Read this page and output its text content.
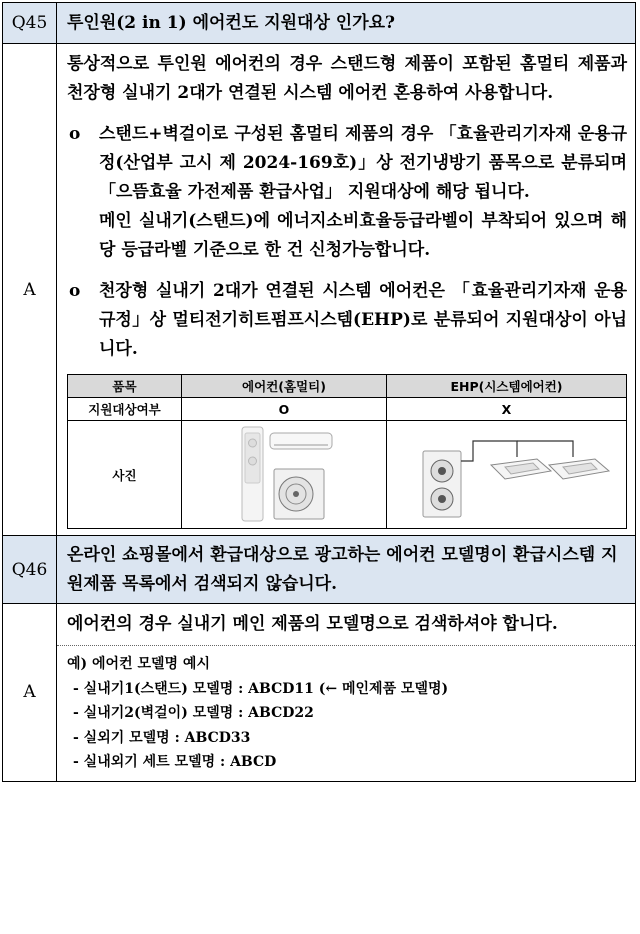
Q45	투인원(2 in 1) 에어컨도 지원대상 인가요?
A	
통상적으로 투인원 에어컨의 경우 스탠드형 제품이 포함된 홈멀티 제품과 천장형 실내기 2대가 연결된 시스템 에어컨 혼용하여 사용합니다.
o	스탠드+벽걸이로 구성된 홈멀티 제품의 경우 「효율관리기자재 운용규정(산업부 고시 제 2024-169호)」상 전기냉방기 품목으로 분류되며 「으뜸효율 가전제품 환급사업」 지원대상에 해당 됩니다.
메인 실내기(스탠드)에 에너지소비효율등급라벨이 부착되어 있으며 해당 등급라벨 기준으로 한 건 신청가능합니다.
o	천장형 실내기 2대가 연결된 시스템 에어컨은 「효율관리기자재 운용규정」상 멀티전기히트펌프시스템(EHP)로 분류되어 지원대상이 아닙니다.
품목	에어컨(홈멀티)	EHP(시스템에어컨)
지원대상여부	O	X
사진		

Q46	온라인 쇼핑몰에서 환급대상으로 광고하는 에어컨 모델명이 환급시스템 지원제품 목록에서 검색되지 않습니다.
A	
에어컨의 경우 실내기 메인 제품의 모델명으로 검색하셔야 합니다.
예) 에어컨 모델명 예시
- 실내기1(스탠드) 모델명 : ABCD11 (← 메인제품 모델명)
- 실내기2(벽걸이) 모델명 : ABCD22
- 실외기 모델명 : ABCD33
- 실내외기 세트 모델명 : ABCD
